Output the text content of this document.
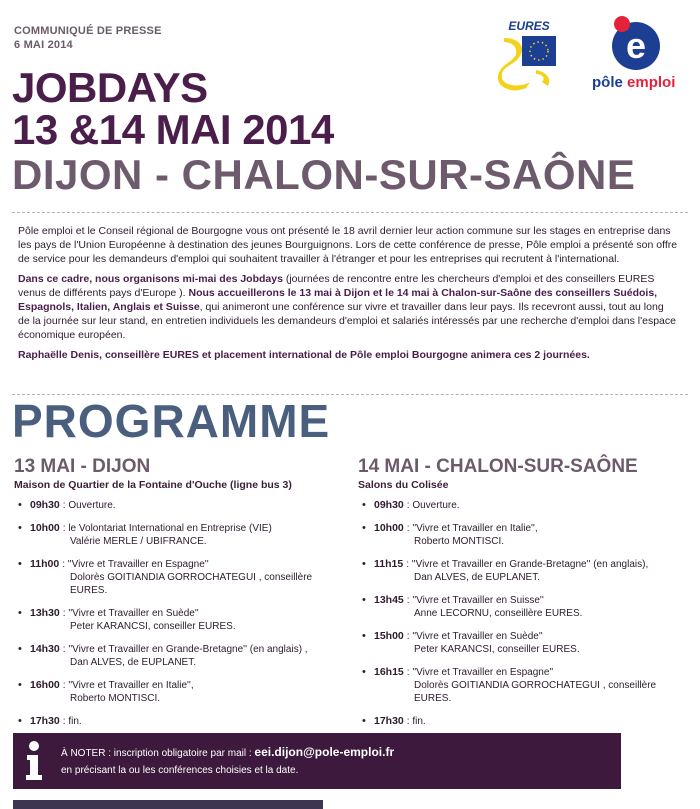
COMMUNIQUÉ DE PRESSE
6 MAI 2014
EURES e
pôle emploi
JOBDAYS
13 &14 MAI 2014
DIJON - CHALON-SUR-SAÔNE

Pôle emploi et le Conseil régional de Bourgogne vous ont présenté le 18 avril dernier leur action commune sur les stages en entreprise dans les pays de l'Union Européenne à destination des jeunes Bourguignons. Lors de cette conférence de presse, Pôle emploi a présenté son offre de service pour les demandeurs d'emploi qui souhaitent travailler à l'étranger et pour les entreprises qui recrutent à l'international.

Dans ce cadre, nous organisons mi-mai des Jobdays (journées de rencontre entre les chercheurs d'emploi et des conseillers EURES venus de différents pays d'Europe ). Nous accueillerons le 13 mai à Dijon et le 14 mai à Chalon-sur-Saône des conseillers Suédois, Espagnols, Italien, Anglais et Suisse, qui animeront une conférence sur vivre et travailler dans leur pays. Ils recevront aussi, tout au long de la journée sur leur stand, en entretien individuels les demandeurs d'emploi et salariés intéressés par une recherche d'emploi dans l'espace économique européen.

Raphaëlle Denis, conseillère EURES et placement international de Pôle emploi Bourgogne animera ces 2 journées.

PROGRAMME
13 MAI - DIJON
Maison de Quartier de la Fontaine d'Ouche (ligne bus 3)
• 09h30 : Ouverture.
• 10h00 : le Volontariat International en Entreprise (VIE)
Valérie MERLE / UBIFRANCE.
• 11h00 : ''Vivre et Travailler en Espagne''
Dolorès GOITIANDIA GORROCHATEGUI , conseillère EURES.
• 13h30 : ''Vivre et Travailler en Suède''
Peter KARANCSI, conseiller EURES.
• 14h30 : ''Vivre et Travailler en Grande-Bretagne'' (en anglais) ,
Dan ALVES, de EUPLANET.
• 16h00 : ''Vivre et Travailler en Italie'',
Roberto MONTISCI.
• 17h30 : fin.
14 MAI - CHALON-SUR-SAÔNE
Salons du Colisée
• 09h30 : Ouverture.
• 10h00 : ''Vivre et Travailler en Italie'',
Roberto MONTISCI.
• 11h15 : ''Vivre et Travailler en Grande-Bretagne'' (en anglais),
Dan ALVES, de EUPLANET.
• 13h45 : ''Vivre et Travailler en Suisse''
Anne LECORNU, conseillère EURES.
• 15h00 : ''Vivre et Travailler en Suède''
Peter KARANCSI, conseiller EURES.
• 16h15 : ''Vivre et Travailler en Espagne''
Dolorès GOITIANDIA GORROCHATEGUI , conseillère EURES.
• 17h30 : fin.
À NOTER : inscription obligatoire par mail : eei.dijon@pole-emploi.fr
en précisant la ou les conférences choisies et la date.
